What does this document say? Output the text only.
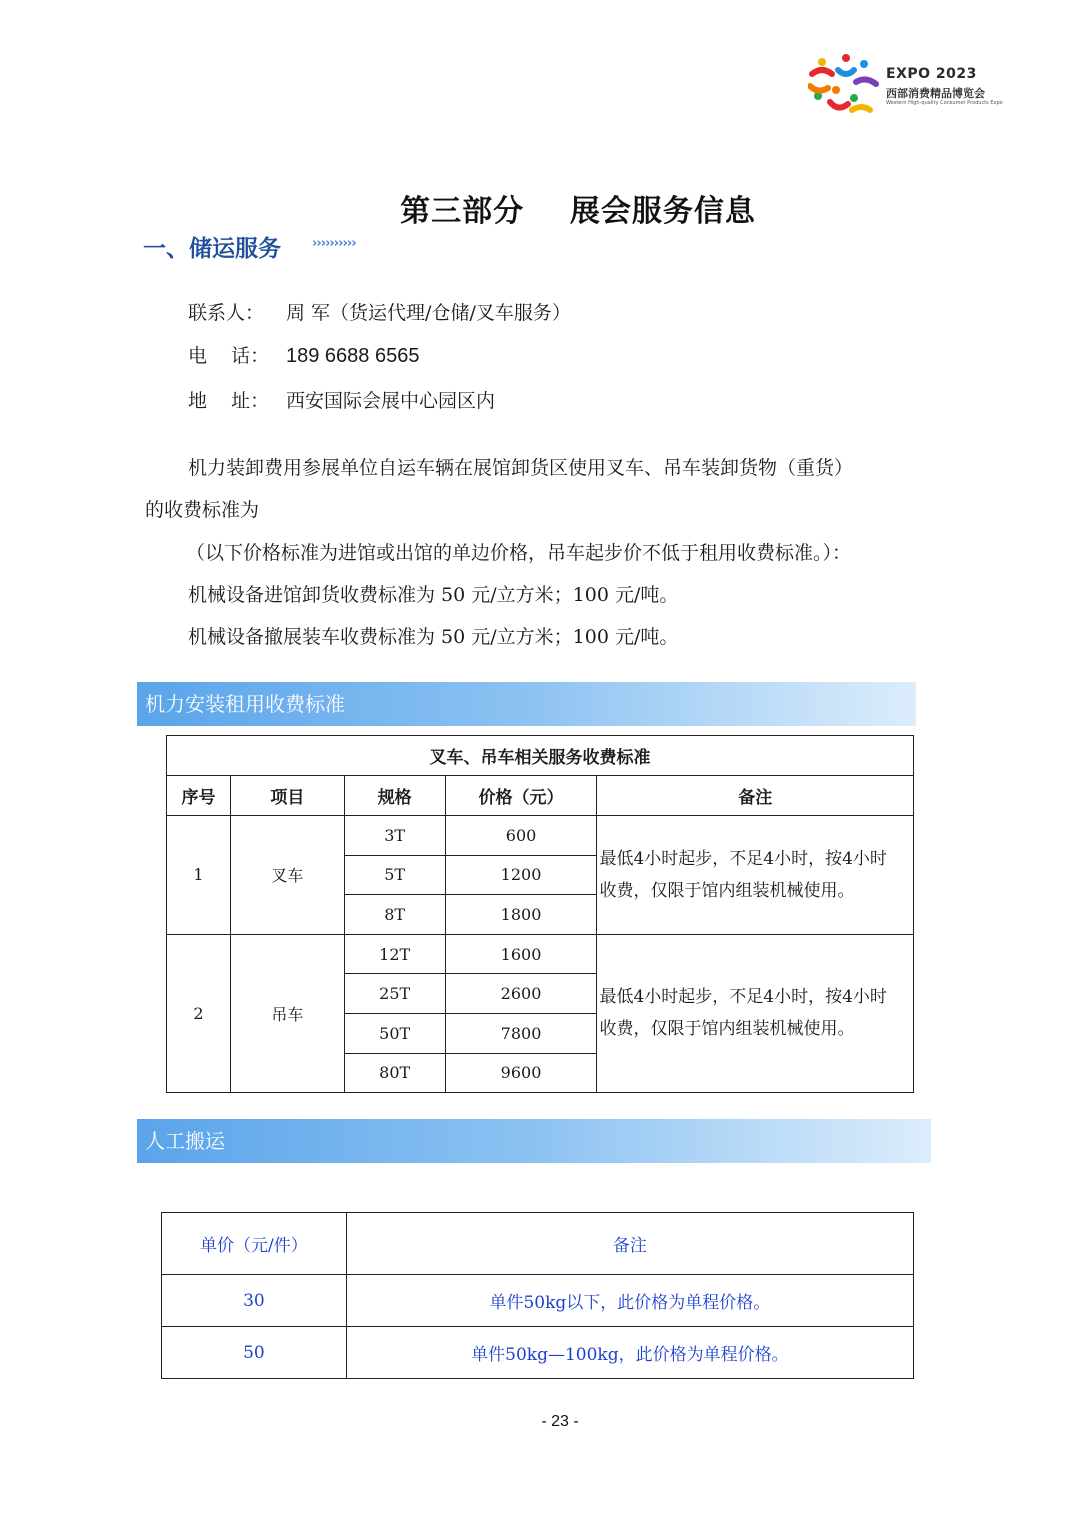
EXPO 2023
西部消费精品博览会
Western High-quality Consumer Products Expo
第三部分    展会服务信息
一、储运服务 ››››››››››
联系人： 周 军（货运代理/仓储/叉车服务）
电    话： 189 6688 6565
地    址： 西安国际会展中心园区内
机力装卸费用参展单位自运车辆在展馆卸货区使用叉车、吊车装卸货物（重货）
的收费标准为
（以下价格标准为进馆或出馆的单边价格，吊车起步价不低于租用收费标准。）：
机械设备进馆卸货收费标准为 50 元/立方米；100 元/吨。
机械设备撤展装车收费标准为 50 元/立方米；100 元/吨。
机力安装租用收费标准
叉车、吊车相关服务收费标准				
序号	项目	规格	价格（元）	备注
1	叉车	3T	600	最低4小时起步，不足4小时，按4小时
收费，仅限于馆内组装机械使用。

		5T	1200	
		8T	1800	
2	吊车	12T	1600	最低4小时起步，不足4小时，按4小时
收费，仅限于馆内组装机械使用。

		25T	2600	
		50T	7800	
		80T	9600	
人工搬运
单价（元/件）	备注
30	单件50kg以下，此价格为单程价格。
50	单件50kg—100kg，此价格为单程价格。
- 23 -
